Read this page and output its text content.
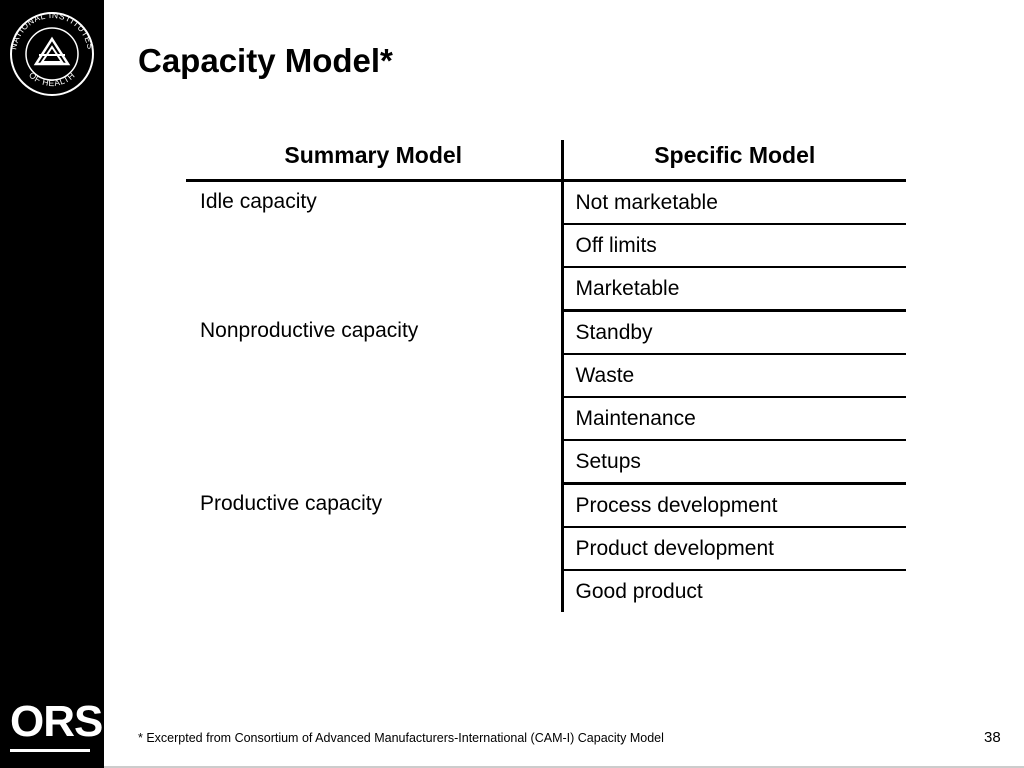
NATIONAL INSTITUTES
OF HEALTH
ORS
Capacity Model*
Summary Model	Specific Model
Idle capacity	Not marketable
	Off limits
	Marketable
Nonproductive capacity	Standby
	Waste
	Maintenance
	Setups
Productive capacity	Process development
	Product development
	Good product
* Excerpted from Consortium of Advanced Manufacturers-International (CAM-I) Capacity Model	38
